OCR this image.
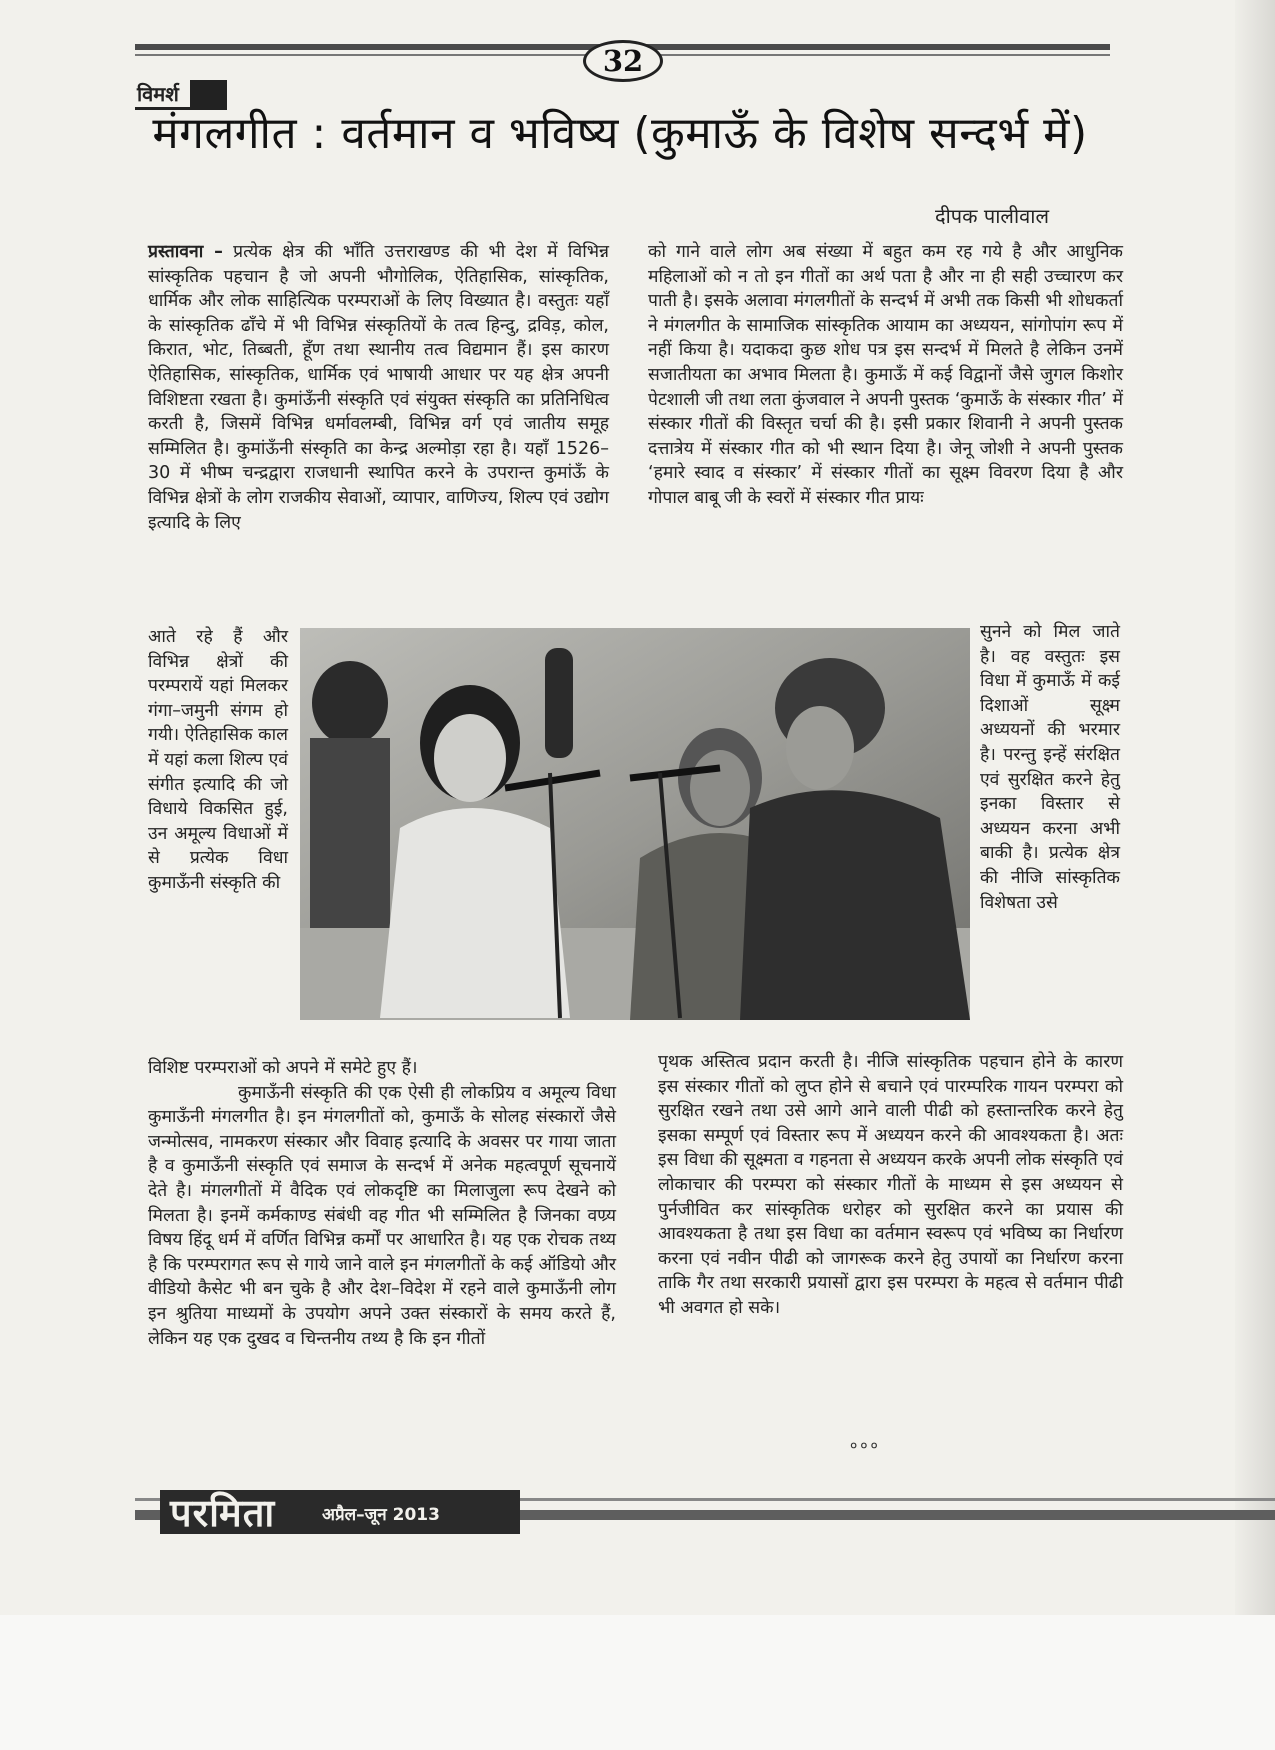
32
विमर्श
मंगलगीत : वर्तमान व भविष्य (कुमाऊँ के विशेष सन्दर्भ में)
दीपक पालीवाल

प्रस्तावना – प्रत्येक क्षेत्र की भाँति उत्तराखण्ड की भी देश में विभिन्न सांस्कृतिक पहचान है जो अपनी भौगोलिक, ऐतिहासिक, सांस्कृतिक, धार्मिक और लोक साहित्यिक परम्पराओं के लिए विख्यात है। वस्तुतः यहाँ के सांस्कृतिक ढाँचे में भी विभिन्न संस्कृतियों के तत्व हिन्दु, द्रविड़, कोल, किरात, भोट, तिब्बती, हूँण तथा स्थानीय तत्व विद्यमान हैं। इस कारण ऐतिहासिक, सांस्कृतिक, धार्मिक एवं भाषायी आधार पर यह क्षेत्र अपनी विशिष्टता रखता है। कुमांऊँनी संस्कृति एवं संयुक्त संस्कृति का प्रतिनिधित्व करती है, जिसमें विभिन्न धर्मावलम्बी, विभिन्न वर्ग एवं जातीय समूह सम्मिलित है। कुमांऊँनी संस्कृति का केन्द्र अल्मोड़ा रहा है। यहाँ 1526–30 में भीष्म चन्द्रद्वारा राजधानी स्थापित करने के उपरान्त कुमांऊँ के विभिन्न क्षेत्रों के लोग राजकीय सेवाओं, व्यापार, वाणिज्य, शिल्प एवं उद्योग इत्यादि के लिए

आते रहे हैं और विभिन्न क्षेत्रों की परम्परायें यहां मिलकर गंगा–जमुनी संगम हो गयी। ऐतिहासिक काल में यहां कला शिल्प एवं संगीत इत्यादि की जो विधाये विकसित हुई, उन अमूल्य विधाओं में से प्रत्येक विधा कुमाऊँनी संस्कृति की

विशिष्ट परम्पराओं को अपने में समेटे हुए हैं।

कुमाऊँनी संस्कृति की एक ऐसी ही लोकप्रिय व अमूल्य विधा कुमाऊँनी मंगलगीत है। इन मंगलगीतों को, कुमाऊँ के सोलह संस्कारों जैसे जन्मोत्सव, नामकरण संस्कार और विवाह इत्यादि के अवसर पर गाया जाता है व कुमाऊँनी संस्कृति एवं समाज के सन्दर्भ में अनेक महत्वपूर्ण सूचनायें देते है। मंगलगीतों में वैदिक एवं लोकदृष्टि का मिलाजुला रूप देखने को मिलता है। इनमें कर्मकाण्ड संबंधी वह गीत भी सम्मिलित है जिनका वण्र्य विषय हिंदू धर्म में वर्णित विभिन्न कर्मों पर आधारित है। यह एक रोचक तथ्य है कि परम्परागत रूप से गाये जाने वाले इन मंगलगीतों के कई ऑडियो और वीडियो कैसेट भी बन चुके है और देश–विदेश में रहने वाले कुमाऊँनी लोग इन श्रुतिया माध्यमों के उपयोग अपने उक्त संस्कारों के समय करते हैं, लेकिन यह एक दुखद व चिन्तनीय तथ्य है कि इन गीतों

को गाने वाले लोग अब संख्या में बहुत कम रह गये है और आधुनिक महिलाओं को न तो इन गीतों का अर्थ पता है और ना ही सही उच्चारण कर पाती है। इसके अलावा मंगलगीतों के सन्दर्भ में अभी तक किसी भी शोधकर्ता ने मंगलगीत के सामाजिक सांस्कृतिक आयाम का अध्ययन, सांगोपांग रूप में नहीं किया है। यदाकदा कुछ शोध पत्र इस सन्दर्भ में मिलते है लेकिन उनमें सजातीयता का अभाव मिलता है। कुमाऊँ में कई विद्वानों जैसे जुगल किशोर पेटशाली जी तथा लता कुंजवाल ने अपनी पुस्तक ‘कुमाऊँ के संस्कार गीत’ में संस्कार गीतों की विस्तृत चर्चा की है। इसी प्रकार शिवानी ने अपनी पुस्तक दत्तात्रेय में संस्कार गीत को भी स्थान दिया है। जेनू जोशी ने अपनी पुस्तक ‘हमारे स्वाद व संस्कार’ में संस्कार गीतों का सूक्ष्म विवरण दिया है और गोपाल बाबू जी के स्वरों में संस्कार गीत प्रायः

सुनने को मिल जाते है। वह वस्तुतः इस विधा में कुमाऊँ में कई दिशाओं सूक्ष्म अध्ययनों की भरमार है। परन्तु इन्हें संरक्षित एवं सुरक्षित करने हेतु इनका विस्तार से अध्ययन करना अभी बाकी है। प्रत्येक क्षेत्र की नीजि सांस्कृतिक विशेषता उसे

पृथक अस्तित्व प्रदान करती है। नीजि सांस्कृतिक पहचान होने के कारण इस संस्कार गीतों को लुप्त होने से बचाने एवं पारम्परिक गायन परम्परा को सुरक्षित रखने तथा उसे आगे आने वाली पीढी को हस्तान्तरिक करने हेतु इसका सम्पूर्ण एवं विस्तार रूप में अध्ययन करने की आवश्यकता है। अतः इस विधा की सूक्ष्मता व गहनता से अध्ययन करके अपनी लोक संस्कृति एवं लोकाचार की परम्परा को संस्कार गीतों के माध्यम से इस अध्ययन से पुर्नजीवित कर सांस्कृतिक धरोहर को सुरक्षित करने का प्रयास की आवश्यकता है तथा इस विधा का वर्तमान स्वरूप एवं भविष्य का निर्धारण करना एवं नवीन पीढी को जागरूक करने हेतु उपायों का निर्धारण करना ताकि गैर तथा सरकारी प्रयासों द्वारा इस परम्परा के महत्व से वर्तमान पीढी भी अवगत हो सके।

०००
परमिता	अप्रैल–जून 2013
